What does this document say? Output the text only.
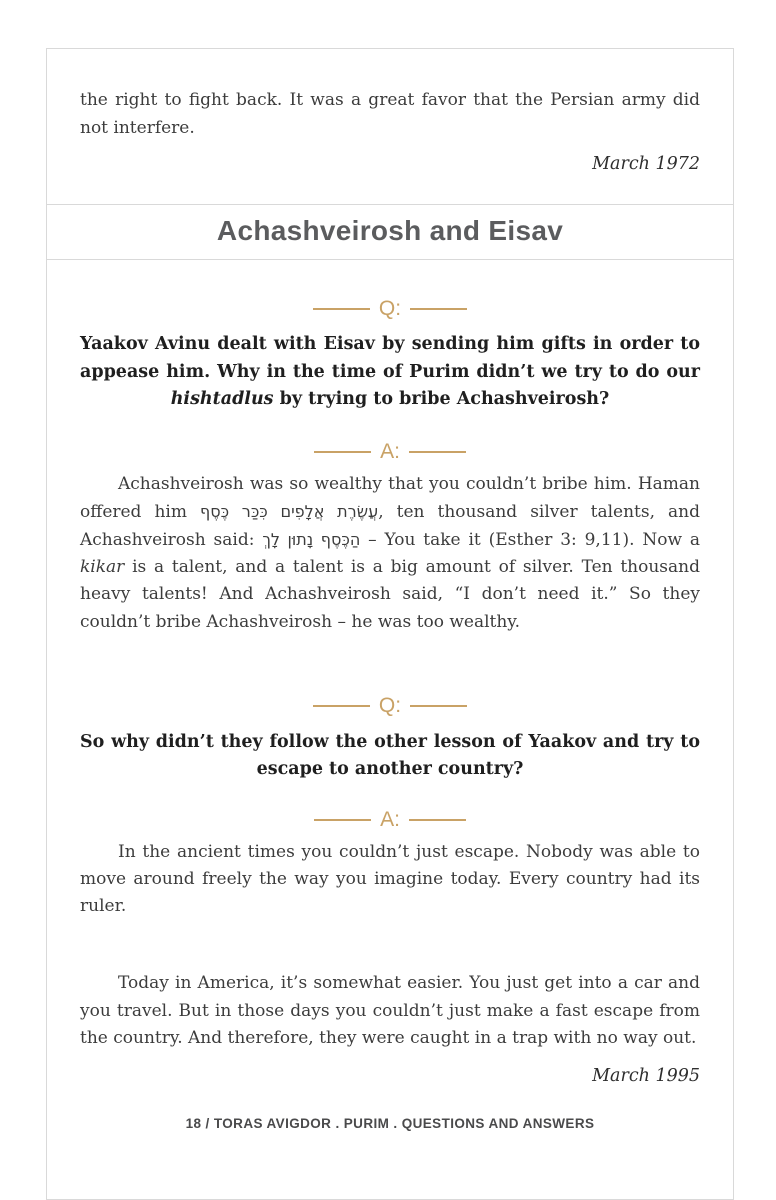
the right to fight back. It was a great favor that the Persian army did not interfere.

March 1972

Achashveirosh and Eisav
Q:

Yaakov Avinu dealt with Eisav by sending him gifts in order to appease him. Why in the time of Purim didn’t we try to do our hishtadlus by trying to bribe Achashveirosh?

A:

Achashveirosh was so wealthy that you couldn’t bribe him. Haman offered him עֲשֶׂרֶת אֲלָפִים כִּכַּר כֶּסֶף, ten thousand silver talents, and Achashveirosh said: הַכֶּסֶף נָתוּן לָךְ – You take it (Esther 3: 9,11). Now a kikar is a talent, and a talent is a big amount of silver. Ten thousand heavy talents! And Achashveirosh said, “I don’t need it.” So they couldn’t bribe Achashveirosh – he was too wealthy.

Q:

So why didn’t they follow the other lesson of Yaakov and try to escape to another country?

A:

In the ancient times you couldn’t just escape. Nobody was able to move around freely the way you imagine today. Every country had its ruler.

Today in America, it’s somewhat easier. You just get into a car and you travel. But in those days you couldn’t just make a fast escape from the country. And therefore, they were caught in a trap with no way out.

March 1995

18 / TORAS AVIGDOR . PURIM . QUESTIONS AND ANSWERS
